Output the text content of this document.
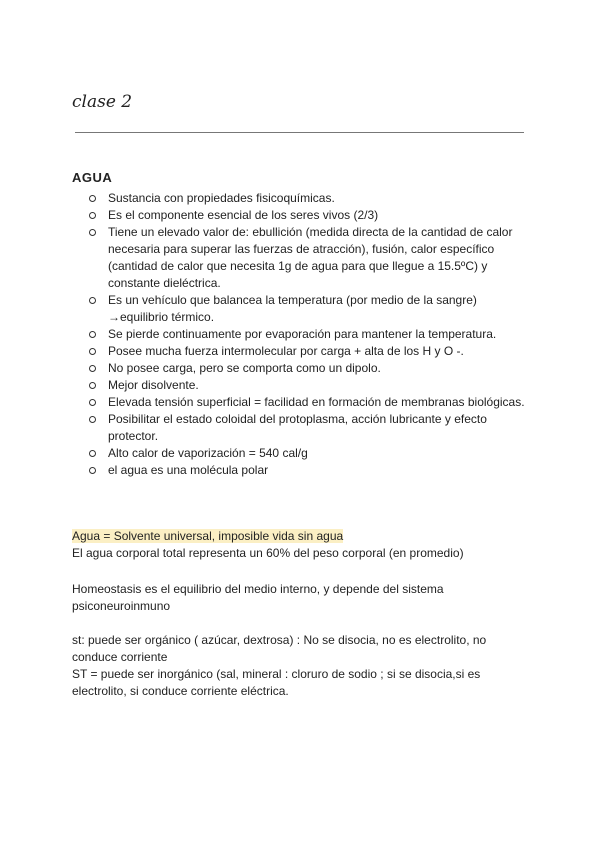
clase 2
AGUA
Sustancia con propiedades fisicoquímicas.
Es el componente esencial de los seres vivos (2/3)
Tiene un elevado valor de: ebullición (medida directa de la cantidad de calor necesaria para superar las fuerzas de atracción), fusión, calor específico (cantidad de calor que necesita 1g de agua para que llegue a 15.5ºC) y constante dieléctrica.
Es un vehículo que balancea la temperatura (por medio de la sangre) →equilibrio térmico.
Se pierde continuamente por evaporación para mantener la temperatura.
Posee mucha fuerza intermolecular por carga + alta de los H y O -.
No posee carga, pero se comporta como un dipolo.
Mejor disolvente.
Elevada tensión superficial = facilidad en formación de membranas biológicas.
Posibilitar el estado coloidal del protoplasma, acción lubricante y efecto protector.
Alto calor de vaporización = 540 cal/g
el agua es una molécula polar

Agua = Solvente universal, imposible vida sin agua

El agua corporal total representa un 60% del peso corporal (en promedio)

Homeostasis es el equilibrio del medio interno, y depende del sistema psiconeuroinmuno

st: puede ser orgánico ( azúcar, dextrosa) : No se disocia, no es electrolito, no conduce corriente

ST = puede ser inorgánico (sal, mineral : cloruro de sodio ; si se disocia,si es electrolito, si conduce corriente eléctrica.
